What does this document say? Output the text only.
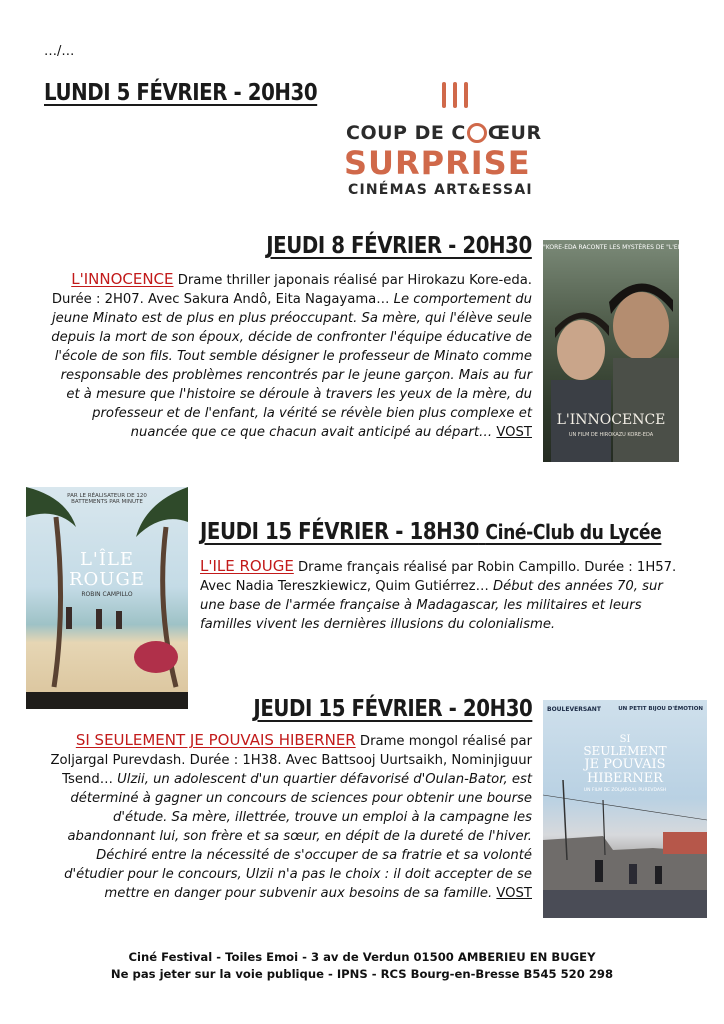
…/…
LUNDI 5 FÉVRIER - 20H30
COUP DE C ŒUR
SURPRISE
CINÉMAS ART&ESSAI
JEUDI 8 FÉVRIER - 20H30
L'INNOCENCE Drame thriller japonais réalisé par Hirokazu Kore-eda. Durée : 2H07. Avec Sakura Andô, Eita Nagayama… Le comportement du jeune Minato est de plus en plus préoccupant. Sa mère, qui l'élève seule depuis la mort de son époux, décide de confronter l'équipe éducative de l'école de son fils. Tout semble désigner le professeur de Minato comme responsable des problèmes rencontrés par le jeune garçon. Mais au fur et à mesure que l'histoire se déroule à travers les yeux de la mère, du professeur et de l'enfant, la vérité se révèle bien plus complexe et nuancée que ce que chacun avait anticipé au départ… VOST
"KORE-EDA RACONTE LES MYSTÈRES DE "L'ENFANCE"
L'INNOCENCE
UN FILM DE HIROKAZU KORE-EDA
JEUDI 15 FÉVRIER - 18H30 Ciné-Club du Lycée
L'ILE ROUGE Drame français réalisé par Robin Campillo. Durée : 1H57. Avec Nadia Tereszkiewicz, Quim Gutiérrez… Début des années 70, sur une base de l'armée française à Madagascar, les militaires et leurs familles vivent les dernières illusions du colonialisme.
PAR LE RÉALISATEUR DE 120 BATTEMENTS PAR MINUTE
L'ÎLE
ROUGE
ROBIN CAMPILLO
JEUDI 15 FÉVRIER - 20H30
SI SEULEMENT JE POUVAIS HIBERNER Drame mongol réalisé par Zoljargal Purevdash. Durée : 1H38. Avec Battsooj Uurtsaikh, Nominjiguur Tsend… Ulzii, un adolescent d'un quartier défavorisé d'Oulan-Bator, est déterminé à gagner un concours de sciences pour obtenir une bourse d'étude. Sa mère, illettrée, trouve un emploi à la campagne les abandonnant lui, son frère et sa sœur, en dépit de la dureté de l'hiver. Déchiré entre la nécessité de s'occuper de sa fratrie et sa volonté d'étudier pour le concours, Ulzii n'a pas le choix : il doit accepter de se mettre en danger pour subvenir aux besoins de sa famille. VOST
BOULEVERSANT	UN PETIT BIJOU D'ÉMOTION
SI
SEULEMENT
JE POUVAIS
HIBERNER
UN FILM DE ZOLJARGAL PUREVDASH
Ciné Festival - Toiles Emoi - 3 av de Verdun 01500 AMBERIEU EN BUGEY
Ne pas jeter sur la voie publique - IPNS - RCS Bourg-en-Bresse B545 520 298
